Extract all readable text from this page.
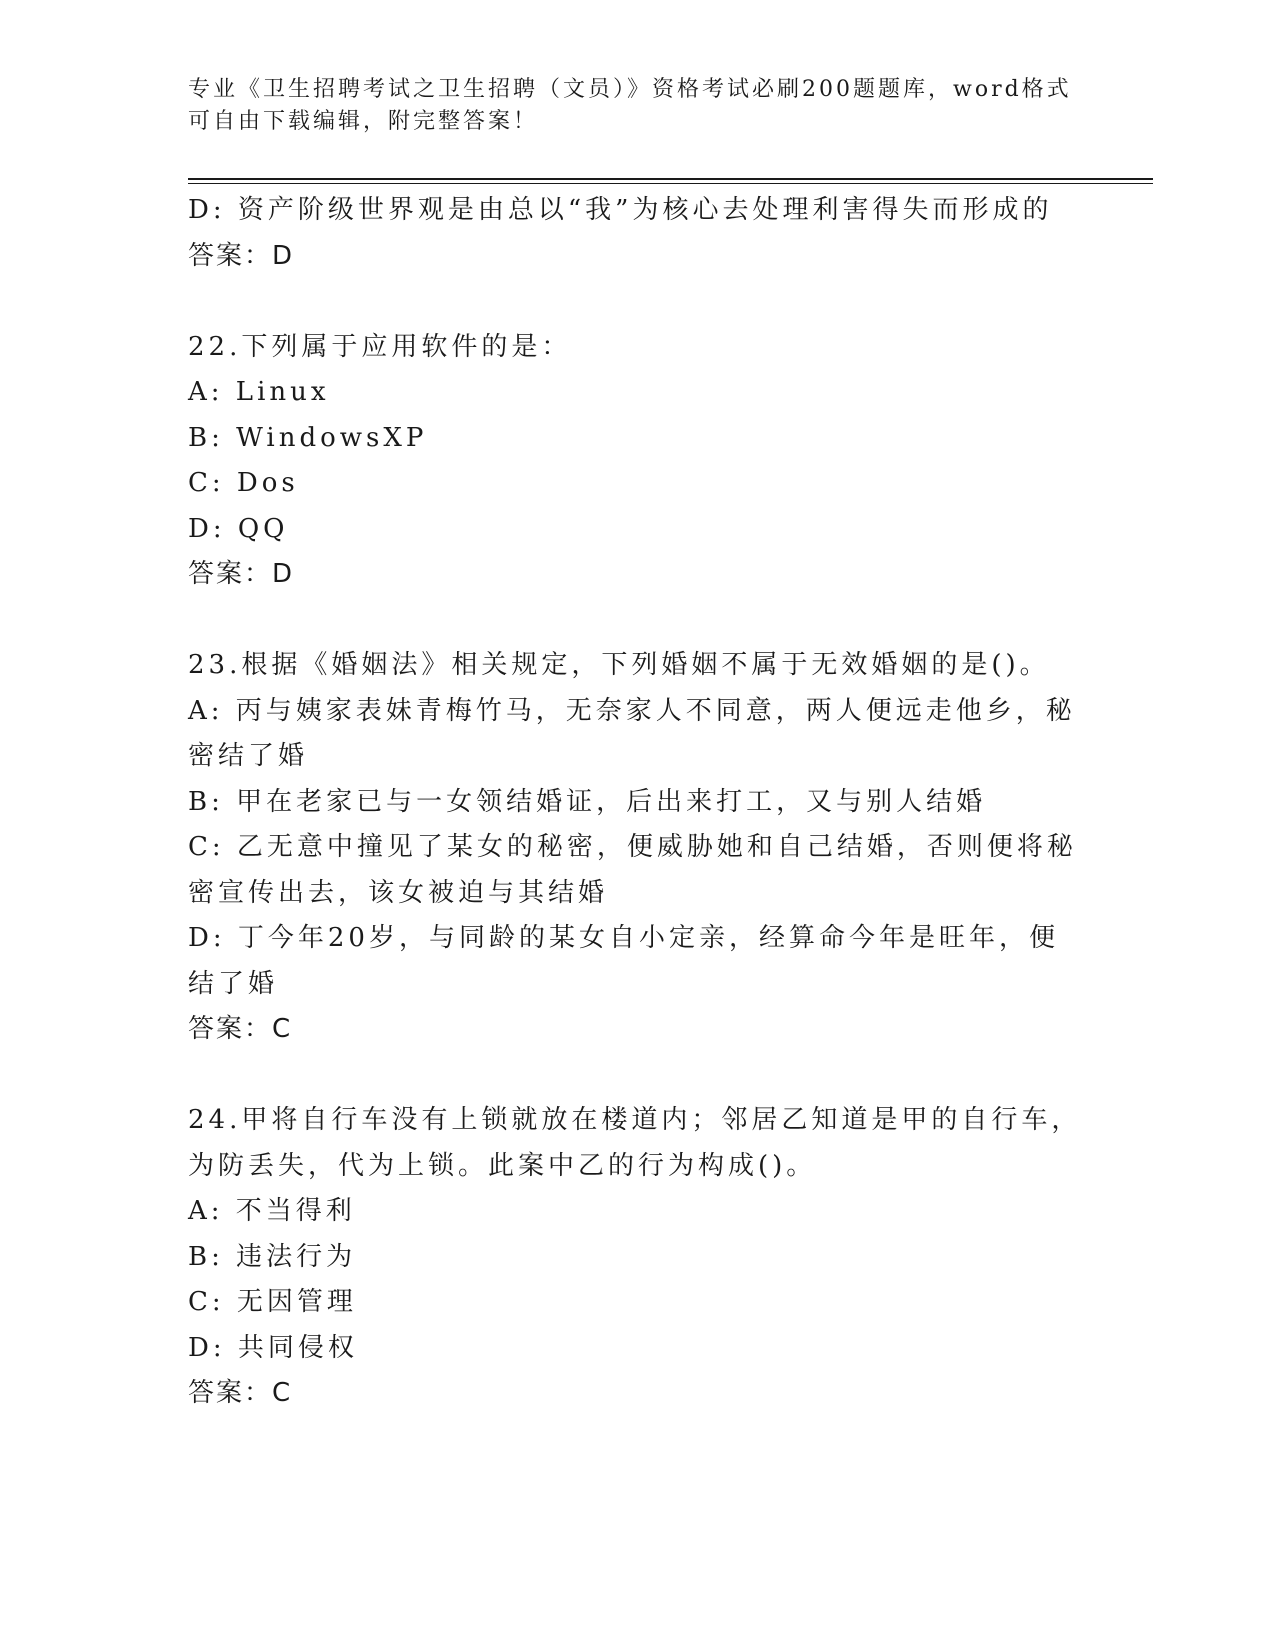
专业《卫生招聘考试之卫生招聘（文员）》资格考试必刷200题题库，word格式
可自由下载编辑，附完整答案！

D: 资产阶级世界观是由总以“我”为核心去处理利害得失而形成的

答案：D

22.下列属于应用软件的是：

A: Linux

B: WindowsXP

C: Dos

D: QQ

答案：D

23.根据《婚姻法》相关规定，下列婚姻不属于无效婚姻的是()。

A: 丙与姨家表妹青梅竹马，无奈家人不同意，两人便远走他乡，秘密结了婚

B: 甲在老家已与一女领结婚证，后出来打工，又与别人结婚

C: 乙无意中撞见了某女的秘密，便威胁她和自己结婚，否则便将秘密宣传出去，该女被迫与其结婚

D: 丁今年20岁，与同龄的某女自小定亲，经算命今年是旺年，便结了婚

答案：C

24.甲将自行车没有上锁就放在楼道内；邻居乙知道是甲的自行车，为防丢失，代为上锁。此案中乙的行为构成()。

A: 不当得利

B: 违法行为

C: 无因管理

D: 共同侵权

答案：C
